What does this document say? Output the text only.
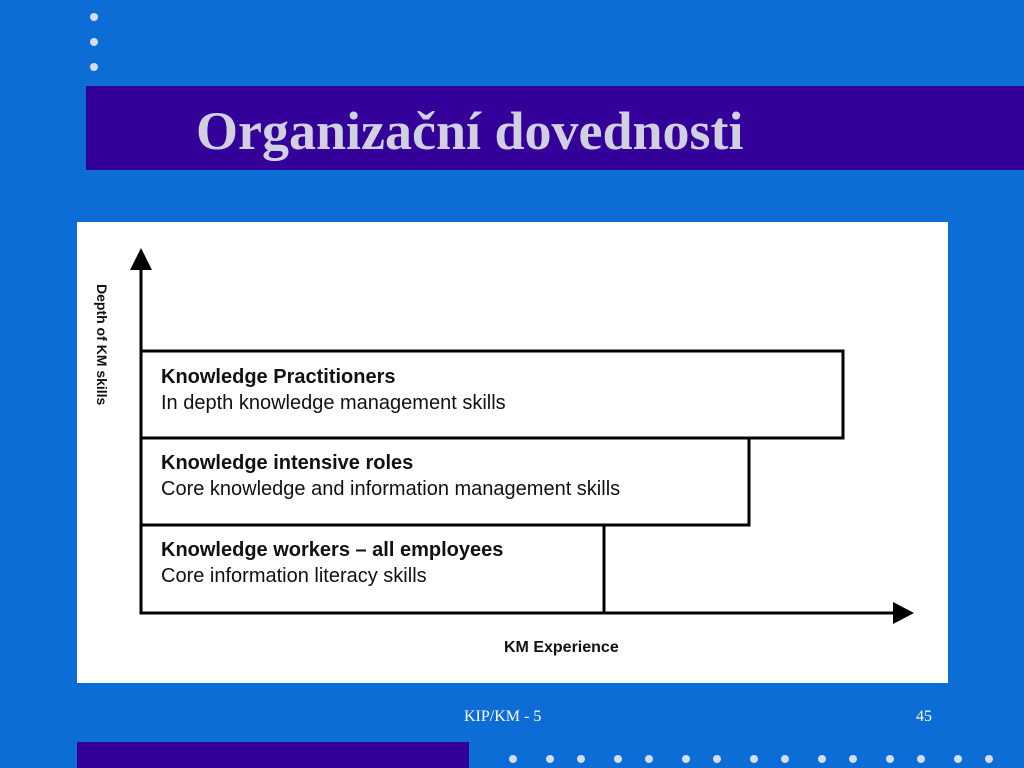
Organizační dovednosti
Depth of KM skills
KM Experience
Knowledge Practitioners
In depth knowledge management skills
Knowledge intensive roles
Core knowledge and information management skills
Knowledge workers – all employees
Core information literacy skills
KIP/KM - 5	45
